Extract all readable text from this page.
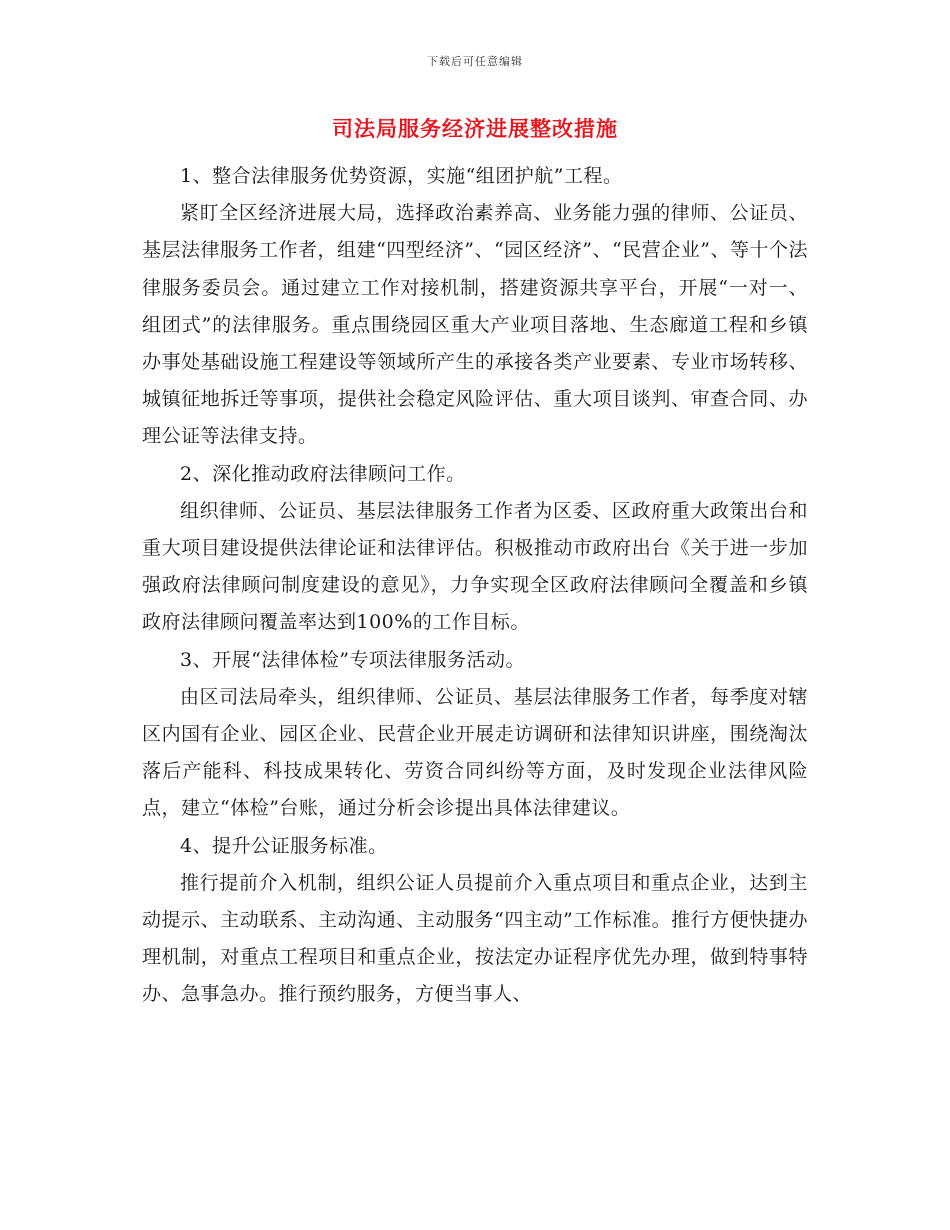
下载后可任意编辑
司法局服务经济进展整改措施

1、整合法律服务优势资源，实施“组团护航”工程。

紧盯全区经济进展大局，选择政治素养高、业务能力强的律师、公证员、基层法律服务工作者，组建“四型经济”、“园区经济”、“民营企业”、等十个法律服务委员会。通过建立工作对接机制，搭建资源共享平台，开展“一对一、组团式”的法律服务。重点围绕园区重大产业项目落地、生态廊道工程和乡镇办事处基础设施工程建设等领域所产生的承接各类产业要素、专业市场转移、城镇征地拆迁等事项，提供社会稳定风险评估、重大项目谈判、审查合同、办理公证等法律支持。

2、深化推动政府法律顾问工作。

组织律师、公证员、基层法律服务工作者为区委、区政府重大政策出台和重大项目建设提供法律论证和法律评估。积极推动市政府出台《关于进一步加强政府法律顾问制度建设的意见》，力争实现全区政府法律顾问全覆盖和乡镇政府法律顾问覆盖率达到100%的工作目标。

3、开展“法律体检”专项法律服务活动。

由区司法局牵头，组织律师、公证员、基层法律服务工作者，每季度对辖区内国有企业、园区企业、民营企业开展走访调研和法律知识讲座，围绕淘汰落后产能科、科技成果转化、劳资合同纠纷等方面，及时发现企业法律风险点，建立“体检”台账，通过分析会诊提出具体法律建议。

4、提升公证服务标准。

推行提前介入机制，组织公证人员提前介入重点项目和重点企业，达到主动提示、主动联系、主动沟通、主动服务“四主动”工作标准。推行方便快捷办理机制，对重点工程项目和重点企业，按法定办证程序优先办理，做到特事特办、急事急办。推行预约服务，方便当事人、
